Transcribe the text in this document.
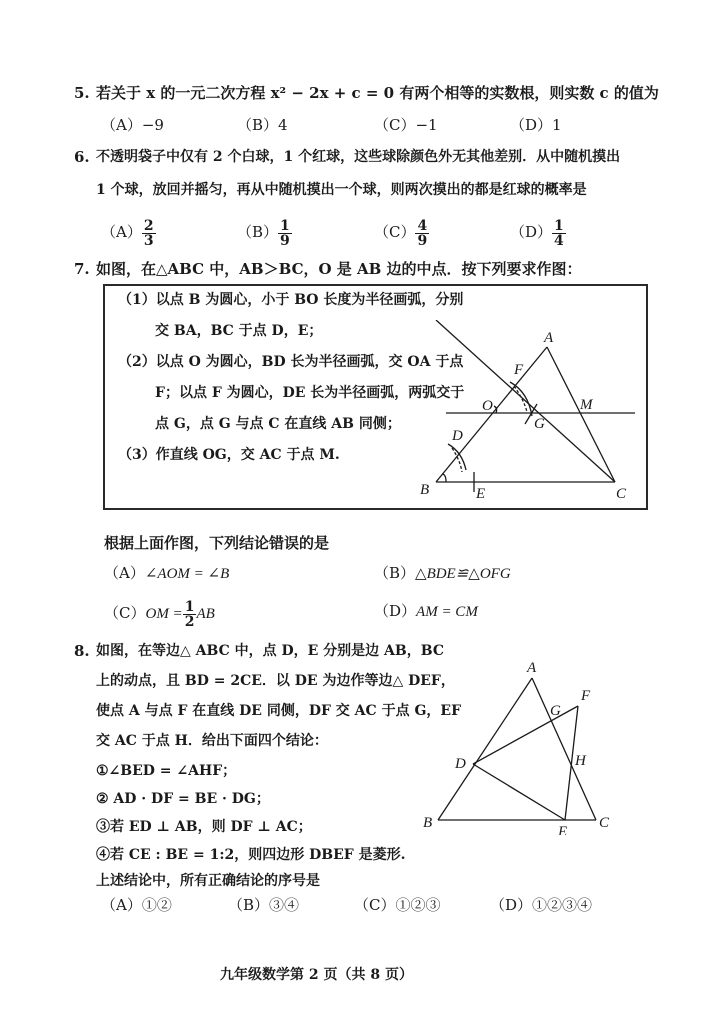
5. 若关于 x 的一元二次方程 x² − 2x + c = 0 有两个相等的实数根，则实数 c 的值为
（A）−9	（B）4	（C）−1	（D）1
6. 不透明袋子中仅有 2 个白球，1 个红球，这些球除颜色外无其他差别．从中随机摸出
1 个球，放回并摇匀，再从中随机摸出一个球，则两次摸出的都是红球的概率是
$(A) \frac{2}{3}$	$(B) \frac{1}{9}$	$(C) \frac{4}{9}$	$(D) \frac{1}{4}$
7. 如图，在△ABC 中，AB＞BC，O 是 AB 边的中点．按下列要求作图：
（1）以点 B 为圆心，小于 BO 长度为半径画弧，分别
交 BA，BC 于点 D，E；
（2）以点 O 为圆心，BD 长为半径画弧，交 OA 于点
F；以点 F 为圆心，DE 长为半径画弧，两弧交于
点 G，点 G 与点 C 在直线 AB 同侧；
（3）作直线 OG，交 AC 于点 M.
A
B	C
D
E
F
G
O	M
根据上面作图，下列结论错误的是
（A）∠AOM = ∠B	（B）△BDE≌△OFG
$(C)OM = \frac{1}{2}$ AB	（D）AM = CM
8. 如图，在等边△ ABC 中，点 D，E 分别是边 AB，BC
上的动点，且 BD = 2CE．以 DE 为边作等边△ DEF，
使点 A 与点 F 在直线 DE 同侧，DF 交 AC 于点 G，EF
交 AC 于点 H．给出下面四个结论：
①∠BED = ∠AHF；
② AD · DF = BE · DG；
③若 ED ⊥ AB，则 DF ⊥ AC；
④若 CE : BE = 1:2，则四边形 DBEF 是菱形.
上述结论中，所有正确结论的序号是
A
B	C
D
E
F
G
H
（A）①②	（B）③④	（C）①②③	（D）①②③④
九年级数学第 2 页（共 8 页）
